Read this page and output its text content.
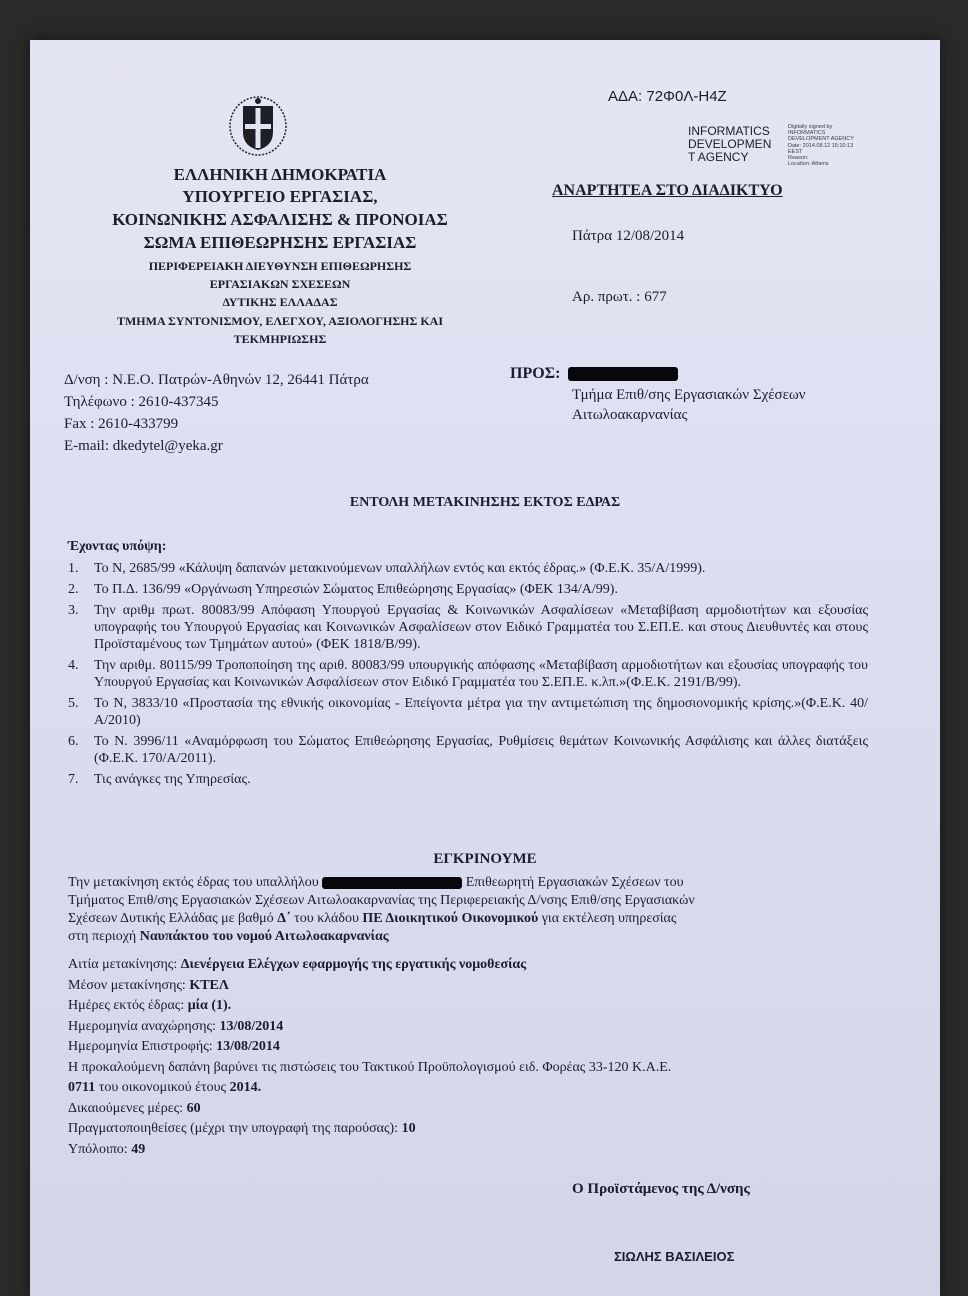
ΕΛΛΗΝΙΚΗ ΔΗΜΟΚΡΑΤΙΑ
ΥΠΟΥΡΓΕΙΟ ΕΡΓΑΣΙΑΣ,
ΚΟΙΝΩΝΙΚΗΣ ΑΣΦΑΛΙΣΗΣ & ΠΡΟΝΟΙΑΣ
ΣΩΜΑ ΕΠΙΘΕΩΡΗΣΗΣ ΕΡΓΑΣΙΑΣ
ΠΕΡΙΦΕΡΕΙΑΚΗ ΔΙΕΥΘΥΝΣΗ ΕΠΙΘΕΩΡΗΣΗΣ
ΕΡΓΑΣΙΑΚΩΝ ΣΧΕΣΕΩΝ
ΔΥΤΙΚΗΣ ΕΛΛΑΔΑΣ
ΤΜΗΜΑ ΣΥΝΤΟΝΙΣΜΟΥ, ΕΛΕΓΧΟΥ, ΑΞΙΟΛΟΓΗΣΗΣ ΚΑΙ
ΤΕΚΜΗΡΙΩΣΗΣ
ΑΔΑ: 72Φ0Λ-Η4Ζ
INFORMATICS
DEVELOPMEN
T AGENCY
Digitally signed by
INFORMATICS
DEVELOPMENT AGENCY
Date: 2014.08.12 15:10:13
EEST
Reason:
Location: Athens
ΑΝΑΡΤΗΤΕΑ ΣΤΟ ΔΙΑΔΙΚΤΥΟ
Πάτρα 12/08/2014
Αρ. πρωτ. : 677
Δ/νση : Ν.Ε.Ο. Πατρών-Αθηνών 12, 26441 Πάτρα
Τηλέφωνο : 2610-437345
Fax : 2610-433799
E-mail: dkedytel@yeka.gr
ΠΡΟΣ:
Τμήμα Επιθ/σης Εργασιακών Σχέσεων
Αιτωλοακαρνανίας
ΕΝΤΟΛΗ ΜΕΤΑΚΙΝΗΣΗΣ ΕΚΤΟΣ ΕΔΡΑΣ
Έχοντας υπόψη:
1.	Το Ν, 2685/99 «Κάλυψη δαπανών μετακινούμενων υπαλλήλων εντός και εκτός έδρας.» (Φ.Ε.Κ. 35/Α/1999).
2.	Το Π.Δ. 136/99 «Οργάνωση Υπηρεσιών Σώματος Επιθεώρησης Εργασίας» (ΦΕΚ 134/Α/99).
3.	Την αριθμ πρωτ. 80083/99 Απόφαση Υπουργού Εργασίας & Κοινωνικών Ασφαλίσεων «Μεταβίβαση αρμοδιοτήτων και εξουσίας υπογραφής του Υπουργού Εργασίας και Κοινωνικών Ασφαλίσεων στον Ειδικό Γραμματέα του Σ.ΕΠ.Ε. και στους Διευθυντές και στους Προϊσταμένους των Τμημάτων αυτού» (ΦΕΚ 1818/Β/99).
4.	Την αριθμ. 80115/99 Τροποποίηση της αριθ. 80083/99 υπουργικής απόφασης «Μεταβίβαση αρμοδιοτήτων και εξουσίας υπογραφής του Υπουργού Εργασίας και Κοινωνικών Ασφαλίσεων στον Ειδικό Γραμματέα του Σ.ΕΠ.Ε. κ.λπ.»(Φ.Ε.Κ. 2191/Β/99).
5.	Το Ν, 3833/10 «Προστασία της εθνικής οικονομίας - Επείγοντα μέτρα για την αντιμετώπιση της δημοσιονομικής κρίσης.»(Φ.Ε.Κ. 40/Α/2010)
6.	Το Ν. 3996/11 «Αναμόρφωση του Σώματος Επιθεώρησης Εργασίας, Ρυθμίσεις θεμάτων Κοινωνικής Ασφάλισης και άλλες διατάξεις (Φ.Ε.Κ. 170/Α/2011).
7.	Τις ανάγκες της Υπηρεσίας.
ΕΓΚΡΙΝΟΥΜΕ
Την μετακίνηση εκτός έδρας του υπαλλήλου	Επιθεωρητή Εργασιακών Σχέσεων του
Τμήματος Επιθ/σης Εργασιακών Σχέσεων Αιτωλοακαρνανίας της Περιφερειακής Δ/νσης Επιθ/σης Εργασιακών
Σχέσεων Δυτικής Ελλάδας με βαθμό Δ΄ του κλάδου ΠΕ Διοικητικού Οικονομικού για εκτέλεση υπηρεσίας
στη περιοχή Ναυπάκτου του νομού Αιτωλοακαρνανίας
Αιτία μετακίνησης: Διενέργεια Ελέγχων εφαρμογής της εργατικής νομοθεσίας
Μέσον μετακίνησης: ΚΤΕΛ
Ημέρες εκτός έδρας: μία (1).
Ημερομηνία αναχώρησης: 13/08/2014
Ημερομηνία Επιστροφής: 13/08/2014
Η προκαλούμενη δαπάνη βαρύνει τις πιστώσεις του Τακτικού Προϋπολογισμού ειδ. Φορέας 33-120 Κ.Α.Ε.
0711 του οικονομικού έτους 2014.
Δικαιούμενες μέρες: 60
Πραγματοποιηθείσες (μέχρι την υπογραφή της παρούσας): 10
Υπόλοιπο: 49
Ο Προϊστάμενος της Δ/νσης
ΣΙΩΛΗΣ ΒΑΣΙΛΕΙΟΣ
